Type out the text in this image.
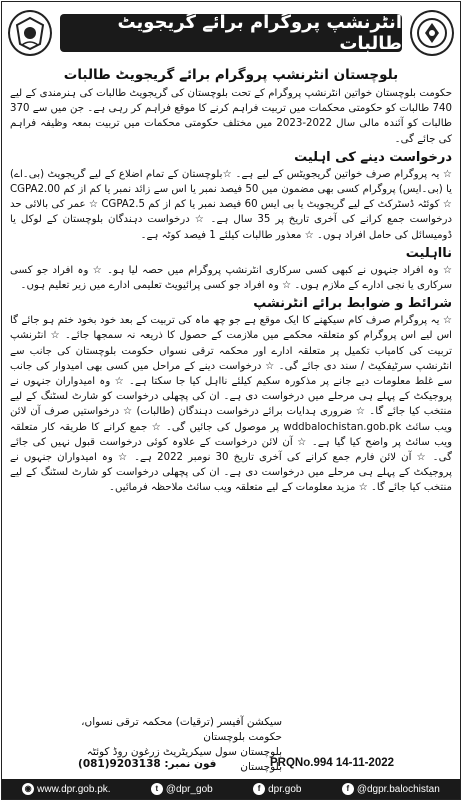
انٹرنشپ پروگرام برائے گریجویٹ طالبات
بلوچستان انٹرنشپ پروگرام برائے گریجویٹ طالبات

حکومت بلوچستان خواتین انٹرنشپ پروگرام کے تحت بلوچستان کی گریجویٹ طالبات کی ہنرمندی کے لیے 740 طالبات کو حکومتی محکمات میں تربیت فراہم کرنے کا موقع فراہم کر رہی ہے۔ جن میں سے 370 طالبات کو آئندہ مالی سال 2022-2023 میں مختلف حکومتی محکمات میں تربیت بمعہ وظیفہ فراہم کی جائے گی۔

درخواست دینے کی اہلیت

☆ یہ پروگرام صرف خواتین گریجویٹس کے لیے ہے۔ ☆بلوچستان کے تمام اضلاع کے لیے گریجویٹ (بی۔اے) یا (بی۔ایس) پروگرام کسی بھی مضمون میں 50 فیصد نمبر یا اس سے زائد نمبر یا کم از کم CGPA2.00 ☆ کوئٹہ ڈسٹرکٹ کے لیے گریجویٹ یا بی ایس 60 فیصد نمبر یا کم از کم CGPA2.5 ☆ عمر کی بالائی حد درخواست جمع کرانے کی آخری تاریخ پر 35 سال ہے۔ ☆ درخواست دہندگان بلوچستان کے لوکل یا ڈومیسائل کی حامل افراد ہوں۔ ☆ معذور طالبات کیلئے 1 فیصد کوٹہ ہے۔

نااہلیت

☆ وہ افراد جنہوں نے کبھی کسی سرکاری انٹرنشپ پروگرام میں حصہ لیا ہو۔ ☆ وہ افراد جو کسی سرکاری یا نجی ادارے کے ملازم ہوں۔ ☆ وہ افراد جو کسی پرائیویٹ تعلیمی ادارے میں زیر تعلیم ہوں۔

شرائط و ضوابط برائے انٹرنشپ

☆ یہ پروگرام صرف کام سیکھنے کا ایک موقع ہے جو چھ ماہ کی تربیت کے بعد خود بخود ختم ہو جائے گا اس لیے اس پروگرام کو متعلقہ محکمے میں ملازمت کے حصول کا ذریعہ نہ سمجھا جائے۔ ☆ انٹرنشپ تربیت کی کامیاب تکمیل پر متعلقہ ادارے اور محکمہ ترقی نسواں حکومت بلوچستان کی جانب سے انٹرنشپ سرٹیفکیٹ / سند دی جائے گی۔ ☆ درخواست دینے کے مراحل میں کسی بھی امیدوار کی جانب سے غلط معلومات دیے جانے پر مذکورہ سکیم کیلئے نااہل کیا جا سکتا ہے۔ ☆ وہ امیدواران جنہوں نے پروجیکٹ کے پہلے ہی مرحلے میں درخواست دی ہے۔ ان کی پچھلی درخواست کو شارٹ لسٹنگ کے لیے منتخب کیا جائے گا۔ ☆ ضروری ہدایات برائے درخواست دہندگان (طالبات) ☆ درخواستیں صرف آن لائن ویب سائٹ wddbalochistan.gob.pk پر موصول کی جائیں گی۔ ☆ جمع کرانے کا طریقہ کار متعلقہ ویب سائٹ پر واضح کیا گیا ہے۔ ☆ آن لائن درخواست کے علاوہ کوئی درخواست قبول نہیں کی جائے گی۔ ☆ آن لائن فارم جمع کرانے کی آخری تاریخ 30 نومبر 2022 ہے۔ ☆ وہ امیدواران جنہوں نے پروجیکٹ کے پہلے ہی مرحلے میں درخواست دی ہے۔ ان کی پچھلی درخواست کو شارٹ لسٹنگ کے لیے منتخب کیا جائے گا۔ ☆ مزید معلومات کے لیے متعلقہ ویب سائٹ ملاحظہ فرمائیں۔

سیکشن آفیسر (ترقیات) محکمہ ترقی نسواں، حکومت بلوچستان
بلوچستان سول سیکریٹریٹ زرغون روڈ کوئٹہ بلوچستان
فون نمبر: 9203138(081)	PRQNo.994 14-11-2022
◉ www.dpr.gob.pk.	t @dpr_gob	f dpr.gob	f @dgpr.balochistan
